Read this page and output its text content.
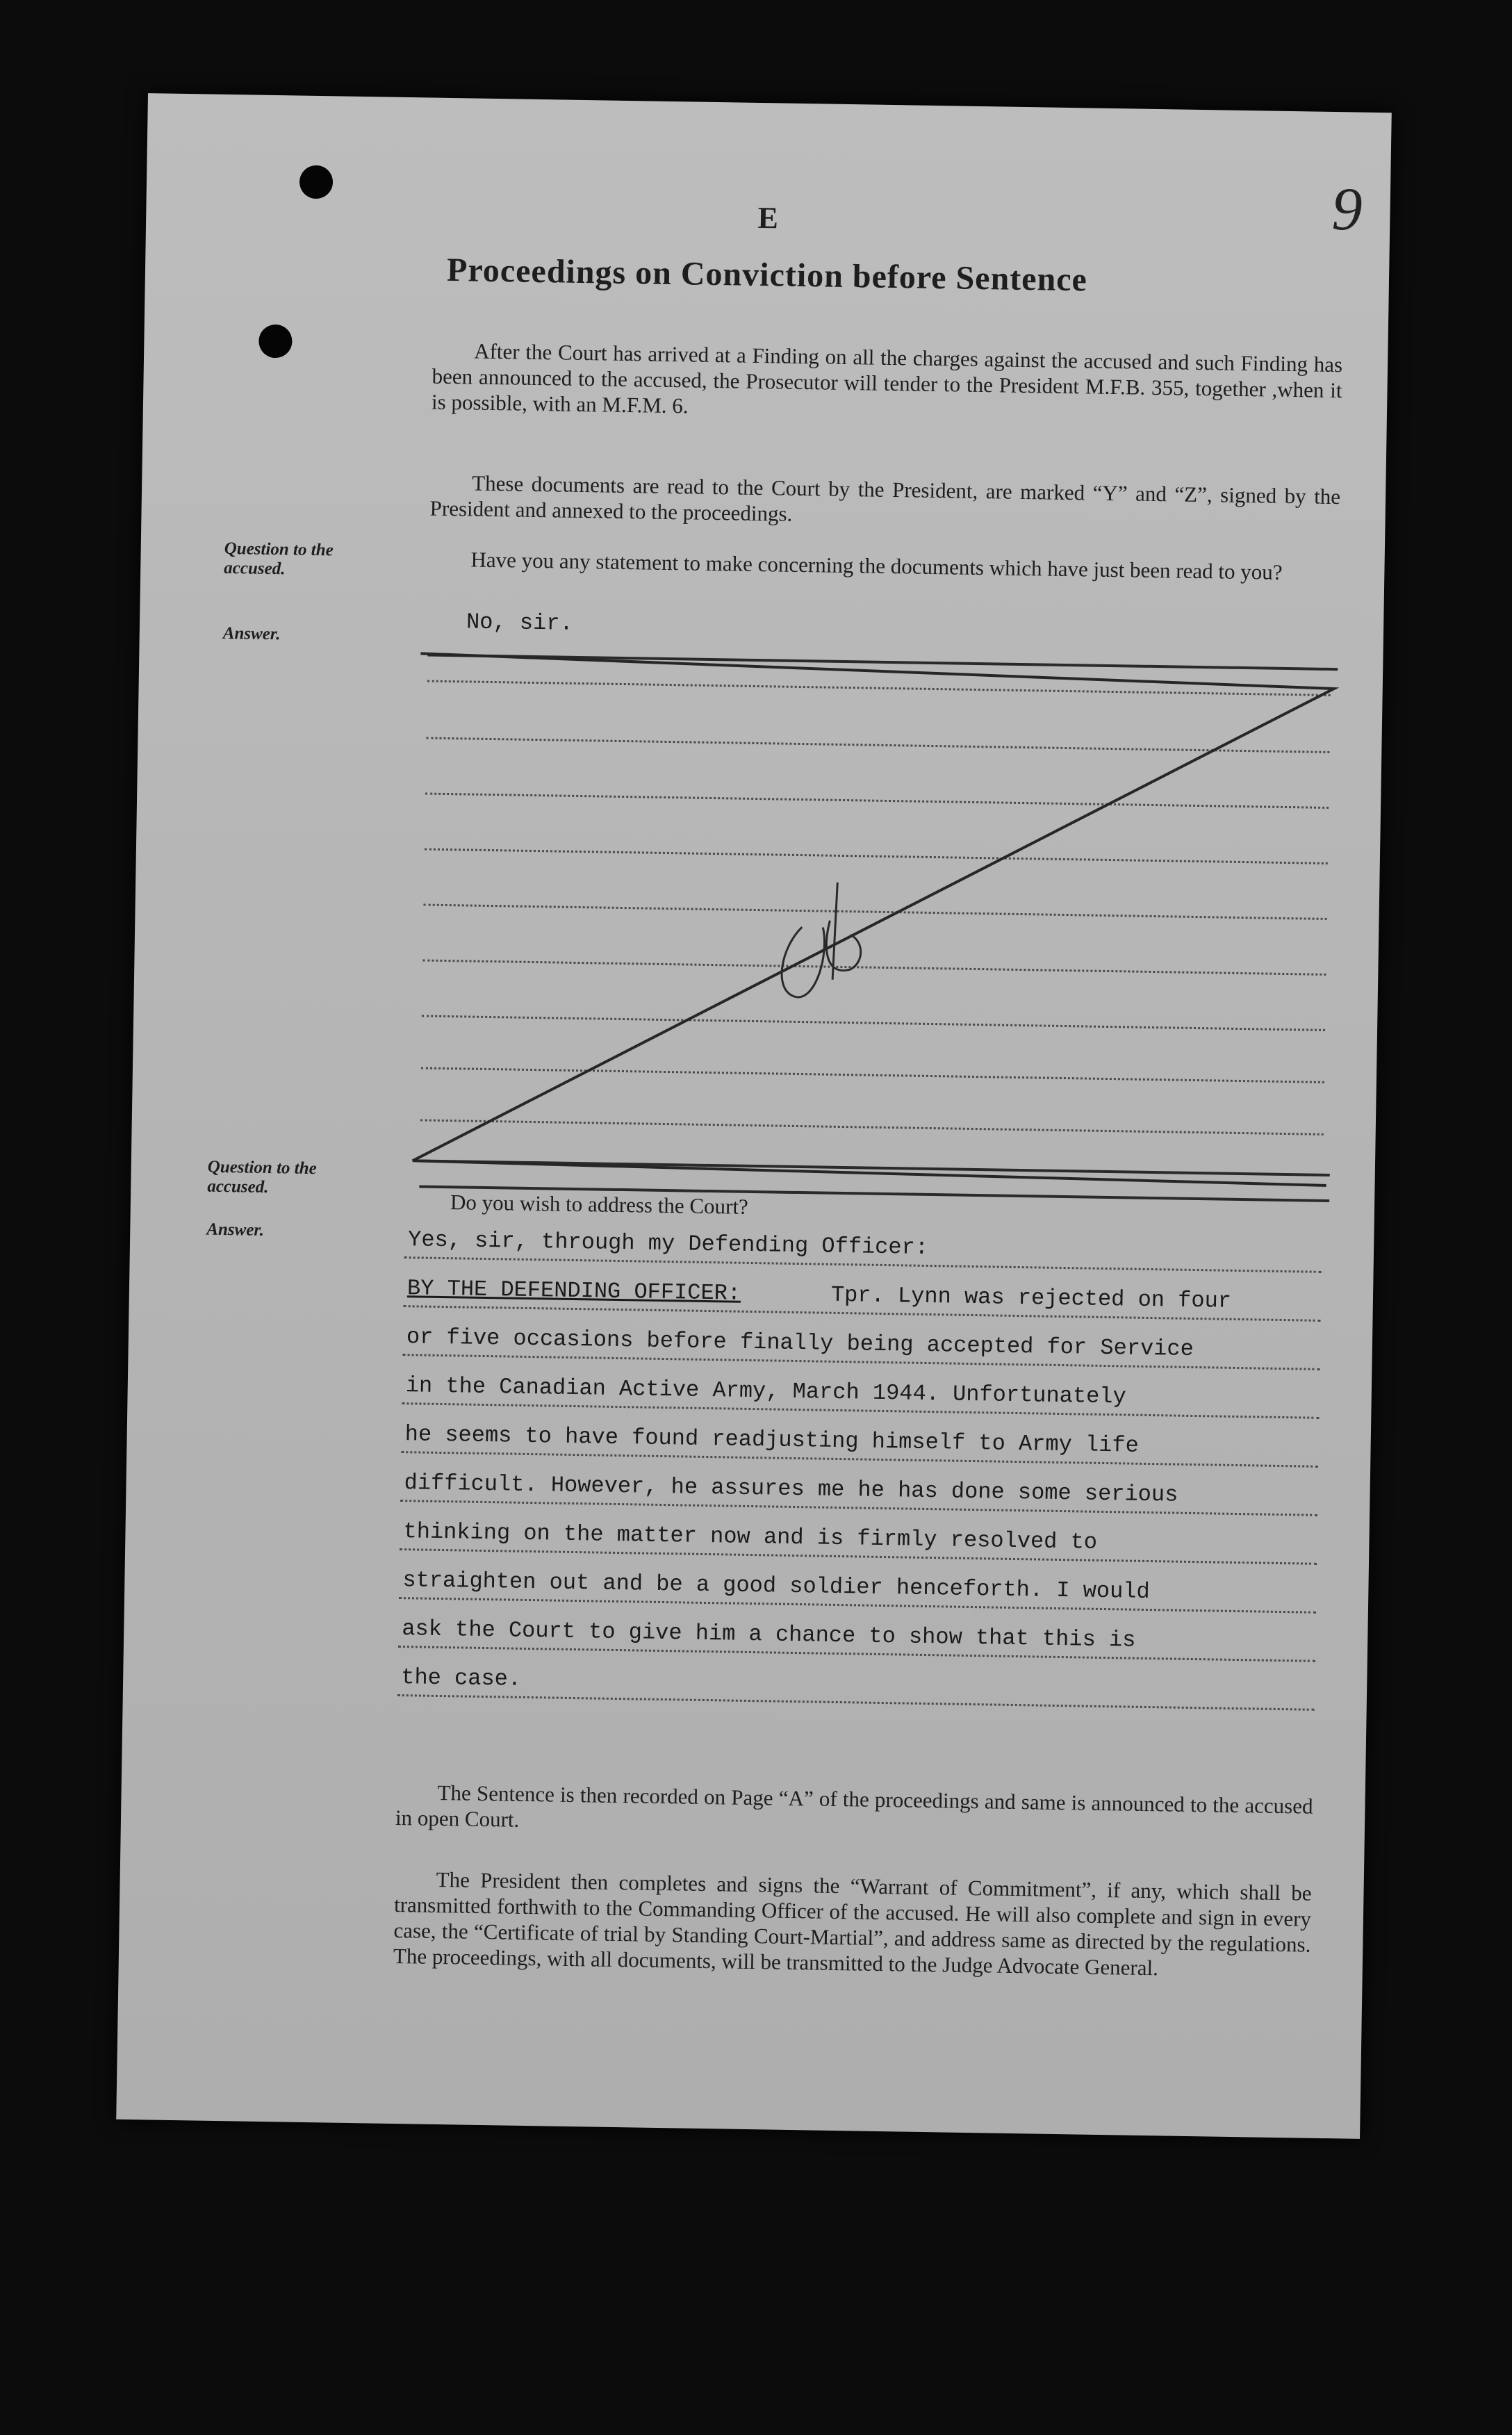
9
E
Proceedings on Conviction before Sentence
After the Court has arrived at a Finding on all the charges against the accused and such Finding has been announced to the accused, the Prosecutor will tender to the President M.F.B. 355, together ,when it is possible, with an M.F.M. 6.
These documents are read to the Court by the President, are marked “Y” and “Z”, signed by the President and annexed to the proceedings.
Question to the accused.
Answer.
Have you any statement to make concerning the documents which have just been read to you?
No, sir.
Question to the accused.
Answer.
Do you wish to address the Court?
Yes, sir, through my Defending Officer:
BY THE DEFENDING OFFICER:	Tpr. Lynn was rejected on four
or five occasions before finally being accepted for Service
in the Canadian Active Army, March 1944. Unfortunately
he seems to have found readjusting himself to Army life
difficult. However, he assures me he has done some serious
thinking on the matter now and is firmly resolved to
straighten out and be a good soldier henceforth. I would
ask the Court to give him a chance to show that this is
the case.
The Sentence is then recorded on Page “A” of the proceedings and same is announced to the accused in open Court.
The President then completes and signs the “Warrant of Commitment”, if any, which shall be transmitted forthwith to the Commanding Officer of the accused. He will also complete and sign in every case, the “Certificate of trial by Standing Court-Martial”, and address same as directed by the regulations. The proceedings, with all documents, will be transmitted to the Judge Advocate General.
